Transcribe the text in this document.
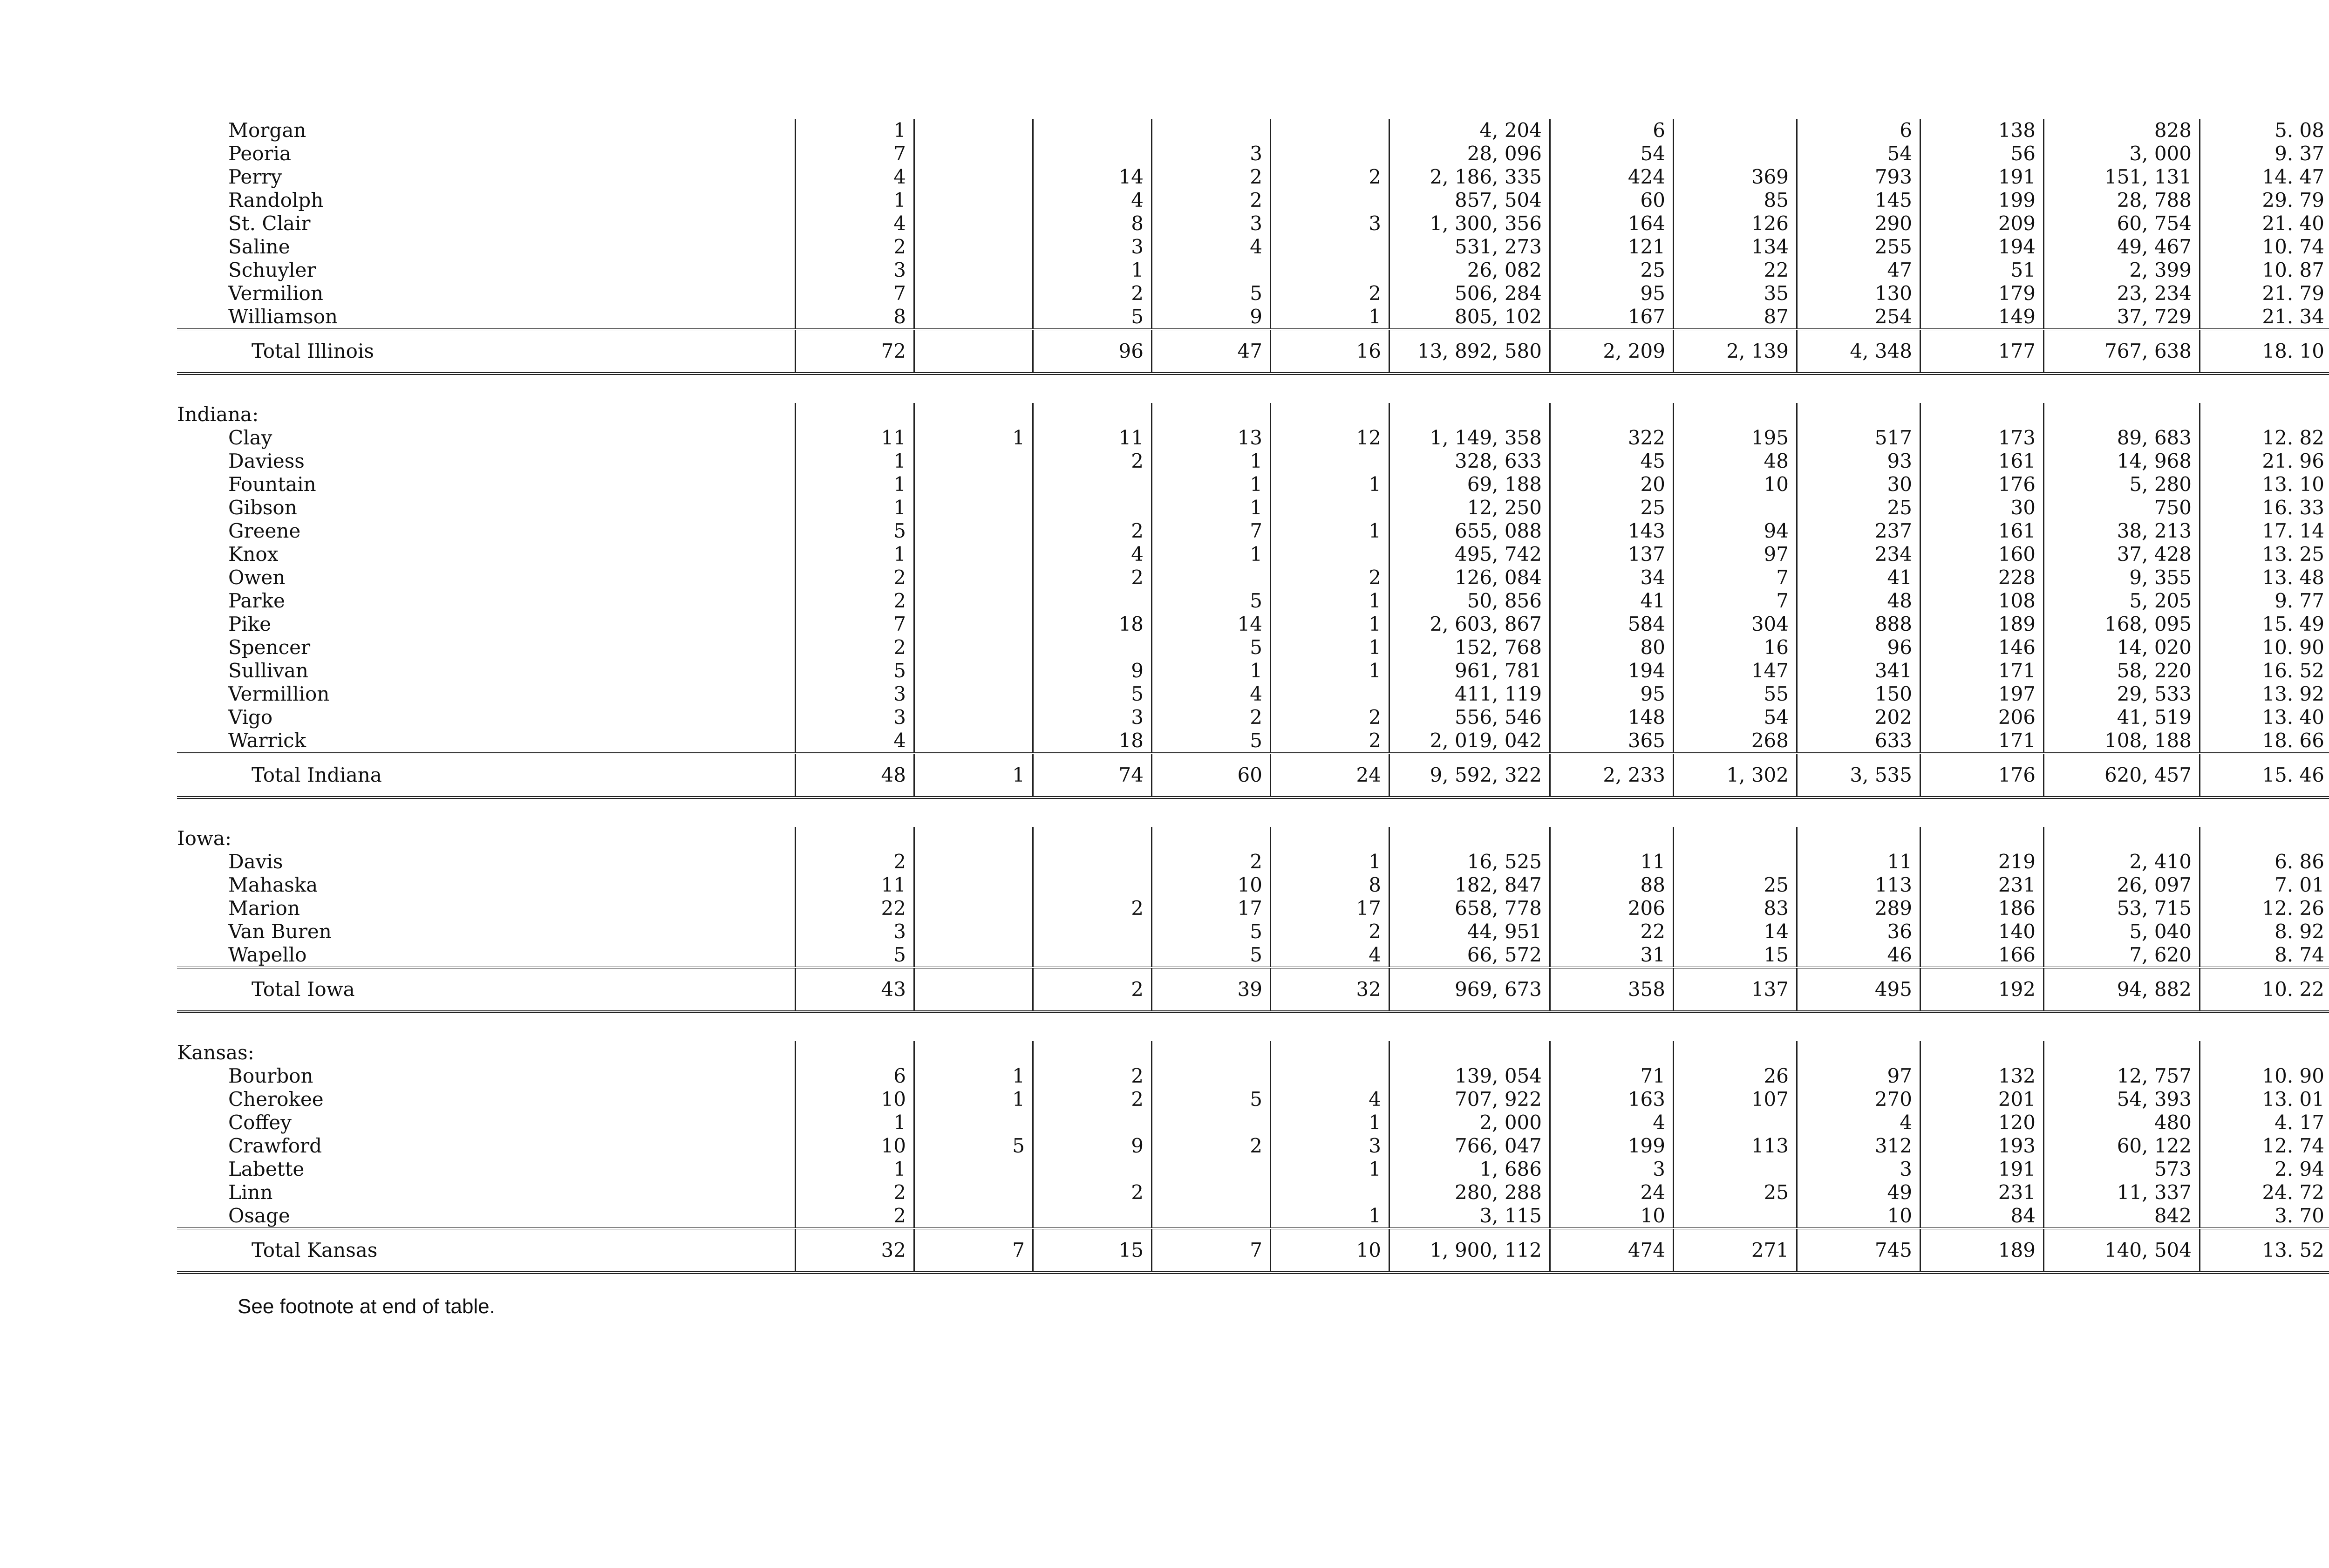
Morgan	1					4, 204	6		6	138	828	5. 08
Peoria	7			3		28, 096	54		54	56	3, 000	9. 37
Perry	4		14	2	2	2, 186, 335	424	369	793	191	151, 131	14. 47
Randolph	1		4	2		857, 504	60	85	145	199	28, 788	29. 79
St. Clair	4		8	3	3	1, 300, 356	164	126	290	209	60, 754	21. 40
Saline	2		3	4		531, 273	121	134	255	194	49, 467	10. 74
Schuyler	3		1			26, 082	25	22	47	51	2, 399	10. 87
Vermilion	7		2	5	2	506, 284	95	35	130	179	23, 234	21. 79
Williamson	8		5	9	1	805, 102	167	87	254	149	37, 729	21. 34
Total Illinois	72		96	47	16	13, 892, 580	2, 209	2, 139	4, 348	177	767, 638	18. 10

Indiana:												
Clay	11	1	11	13	12	1, 149, 358	322	195	517	173	89, 683	12. 82
Daviess	1		2	1		328, 633	45	48	93	161	14, 968	21. 96
Fountain	1			1	1	69, 188	20	10	30	176	5, 280	13. 10
Gibson	1			1		12, 250	25		25	30	750	16. 33
Greene	5		2	7	1	655, 088	143	94	237	161	38, 213	17. 14
Knox	1		4	1		495, 742	137	97	234	160	37, 428	13. 25
Owen	2		2		2	126, 084	34	7	41	228	9, 355	13. 48
Parke	2			5	1	50, 856	41	7	48	108	5, 205	9. 77
Pike	7		18	14	1	2, 603, 867	584	304	888	189	168, 095	15. 49
Spencer	2			5	1	152, 768	80	16	96	146	14, 020	10. 90
Sullivan	5		9	1	1	961, 781	194	147	341	171	58, 220	16. 52
Vermillion	3		5	4		411, 119	95	55	150	197	29, 533	13. 92
Vigo	3		3	2	2	556, 546	148	54	202	206	41, 519	13. 40
Warrick	4		18	5	2	2, 019, 042	365	268	633	171	108, 188	18. 66
Total Indiana	48	1	74	60	24	9, 592, 322	2, 233	1, 302	3, 535	176	620, 457	15. 46

Iowa:												
Davis	2			2	1	16, 525	11		11	219	2, 410	6. 86
Mahaska	11			10	8	182, 847	88	25	113	231	26, 097	7. 01
Marion	22		2	17	17	658, 778	206	83	289	186	53, 715	12. 26
Van Buren	3			5	2	44, 951	22	14	36	140	5, 040	8. 92
Wapello	5			5	4	66, 572	31	15	46	166	7, 620	8. 74
Total Iowa	43		2	39	32	969, 673	358	137	495	192	94, 882	10. 22

Kansas:												
Bourbon	6	1	2			139, 054	71	26	97	132	12, 757	10. 90
Cherokee	10	1	2	5	4	707, 922	163	107	270	201	54, 393	13. 01
Coffey	1				1	2, 000	4		4	120	480	4. 17
Crawford	10	5	9	2	3	766, 047	199	113	312	193	60, 122	12. 74
Labette	1				1	1, 686	3		3	191	573	2. 94
Linn	2		2			280, 288	24	25	49	231	11, 337	24. 72
Osage	2				1	3, 115	10		10	84	842	3. 70
Total Kansas	32	7	15	7	10	1, 900, 112	474	271	745	189	140, 504	13. 52
See footnote at end of table.
